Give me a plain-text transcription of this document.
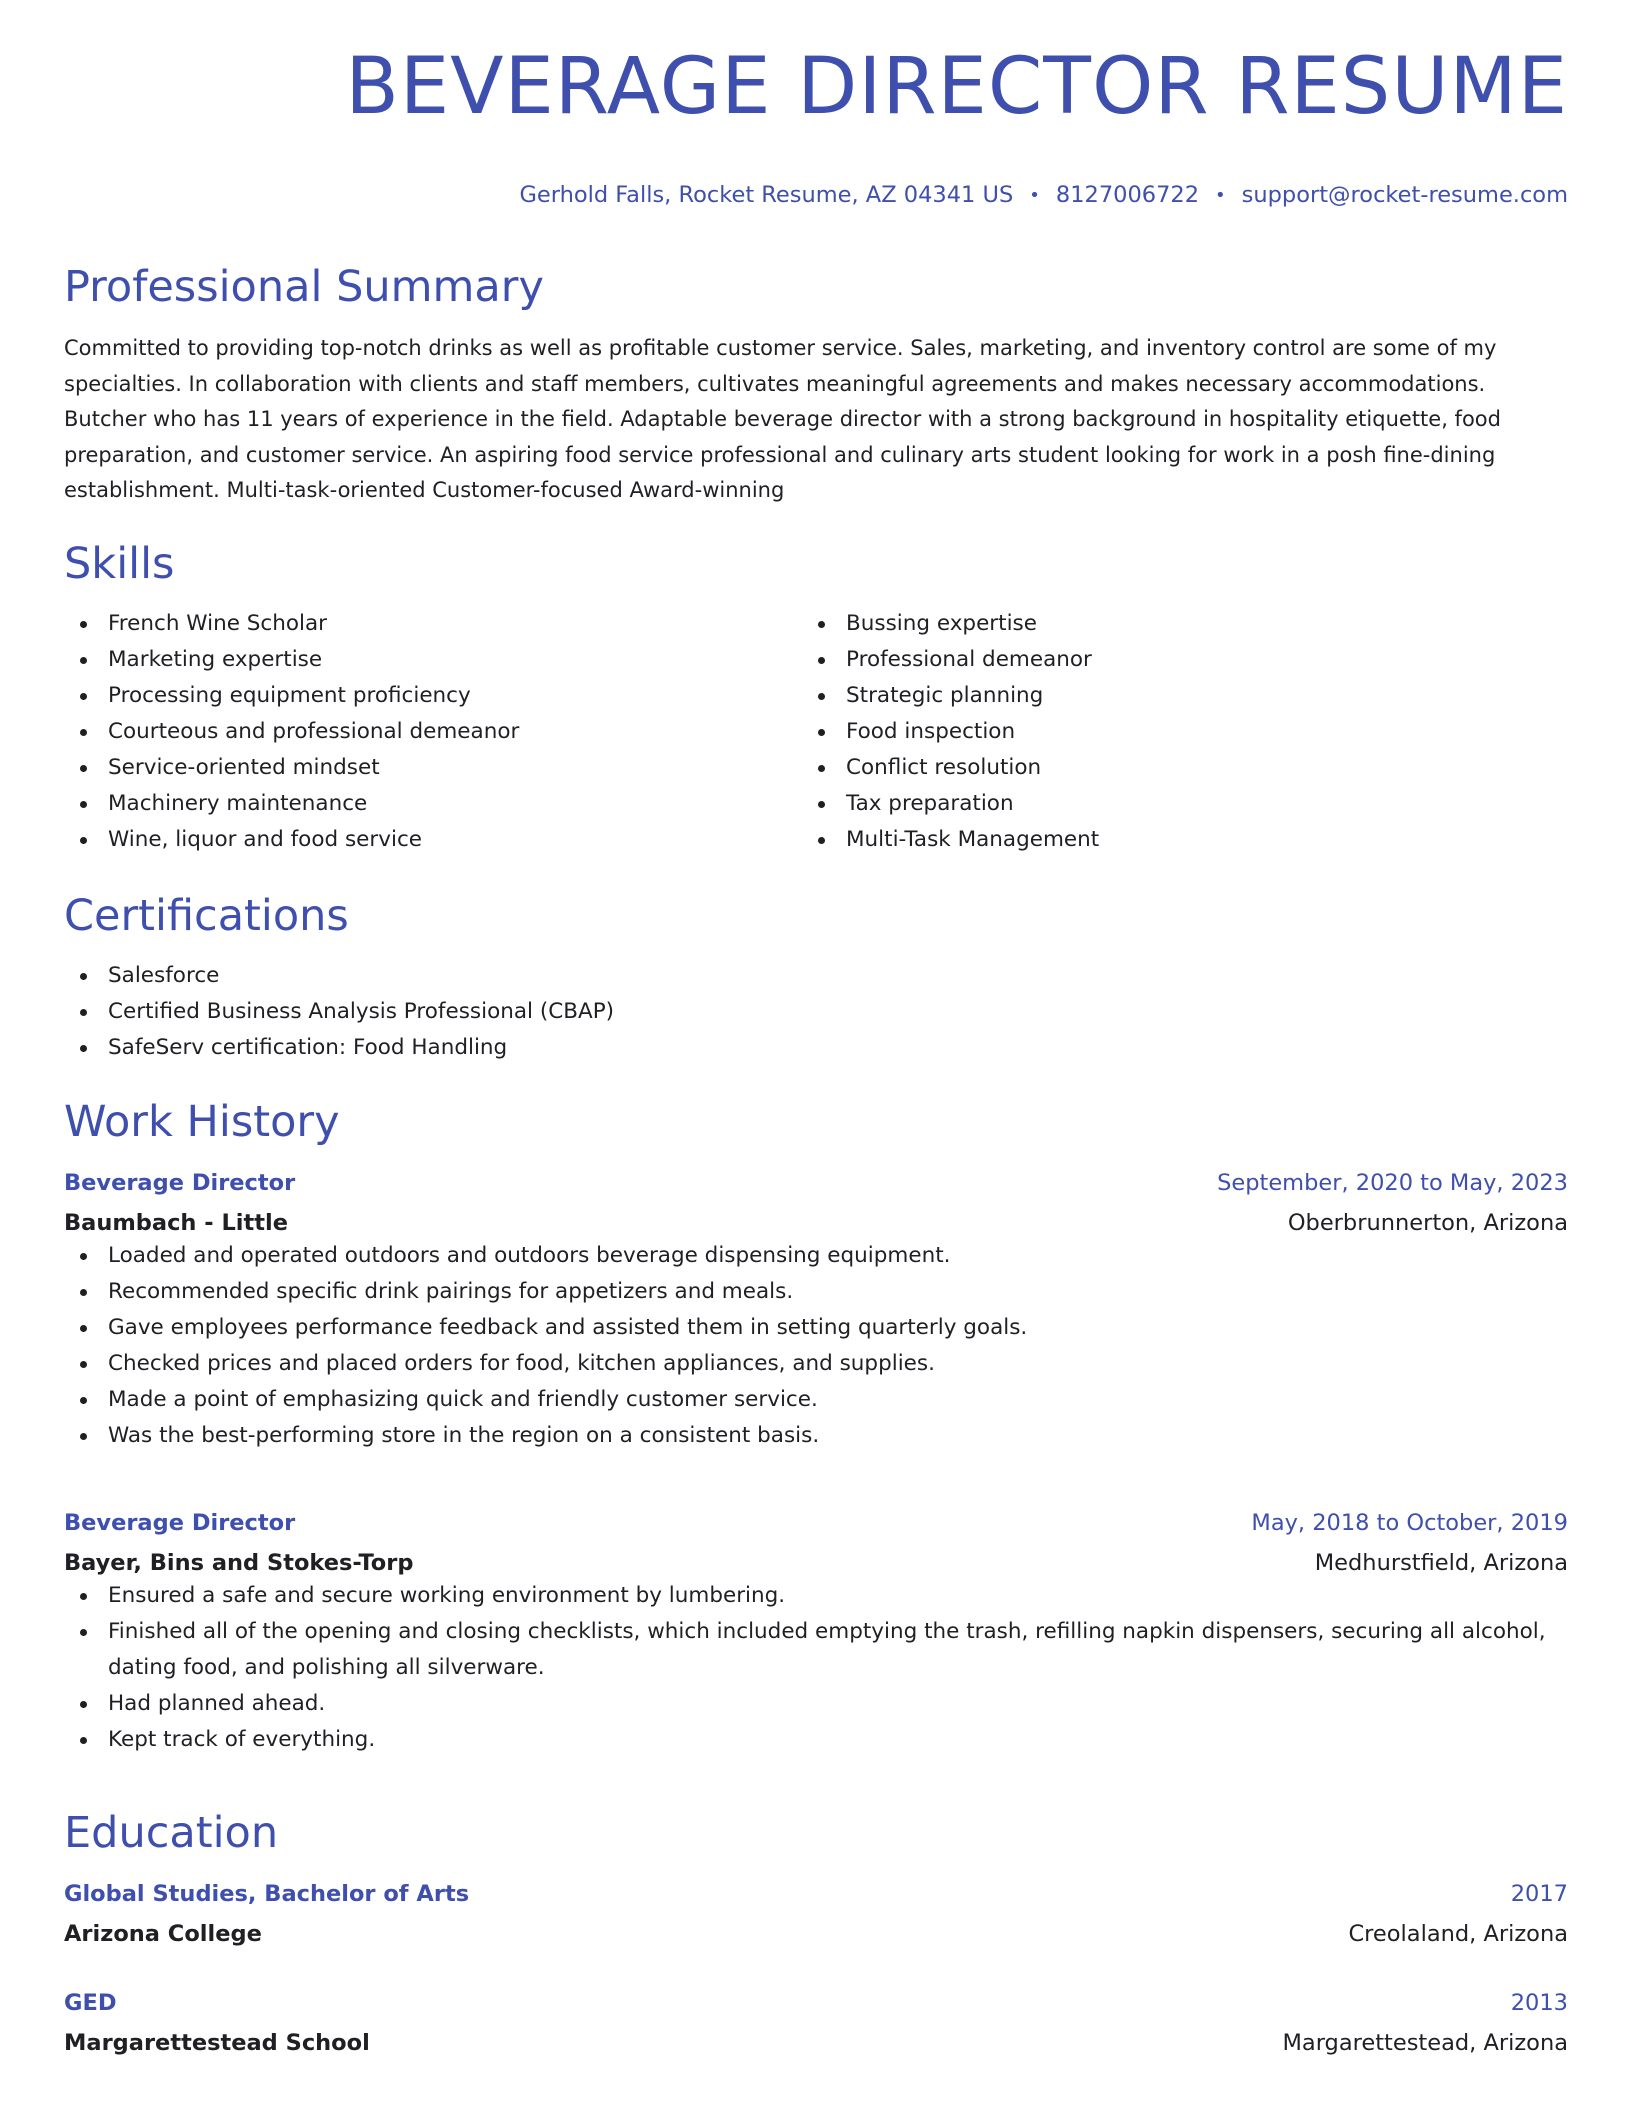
BEVERAGE DIRECTOR RESUME

Gerhold Falls, Rocket Resume, AZ 04341 US • 8127006722 • support@rocket-resume.com

Professional Summary

Committed to providing top-notch drinks as well as profitable customer service. Sales, marketing, and inventory control are some of my specialties. In collaboration with clients and staff members, cultivates meaningful agreements and makes necessary accommodations. Butcher who has 11 years of experience in the field. Adaptable beverage director with a strong background in hospitality etiquette, food preparation, and customer service. An aspiring food service professional and culinary arts student looking for work in a posh fine-dining establishment. Multi-task-oriented Customer-focused Award-winning

Skills
French Wine Scholar
Marketing expertise
Processing equipment proficiency
Courteous and professional demeanor
Service-oriented mindset
Machinery maintenance
Wine, liquor and food service
Bussing expertise
Professional demeanor
Strategic planning
Food inspection
Conflict resolution
Tax preparation
Multi-Task Management
Certifications
Salesforce
Certified Business Analysis Professional (CBAP)
SafeServ certification: Food Handling
Work History
Beverage Director	September, 2020 to May, 2023
Baumbach - Little	Oberbrunnerton, Arizona
Loaded and operated outdoors and outdoors beverage dispensing equipment.
Recommended specific drink pairings for appetizers and meals.
Gave employees performance feedback and assisted them in setting quarterly goals.
Checked prices and placed orders for food, kitchen appliances, and supplies.
Made a point of emphasizing quick and friendly customer service.
Was the best-performing store in the region on a consistent basis.
Beverage Director	May, 2018 to October, 2019
Bayer, Bins and Stokes-Torp	Medhurstfield, Arizona
Ensured a safe and secure working environment by lumbering.
Finished all of the opening and closing checklists, which included emptying the trash, refilling napkin dispensers, securing all alcohol, dating food, and polishing all silverware.
Had planned ahead.
Kept track of everything.
Education
Global Studies, Bachelor of Arts	2017
Arizona College	Creolaland, Arizona
GED	2013
Margarettestead School	Margarettestead, Arizona
